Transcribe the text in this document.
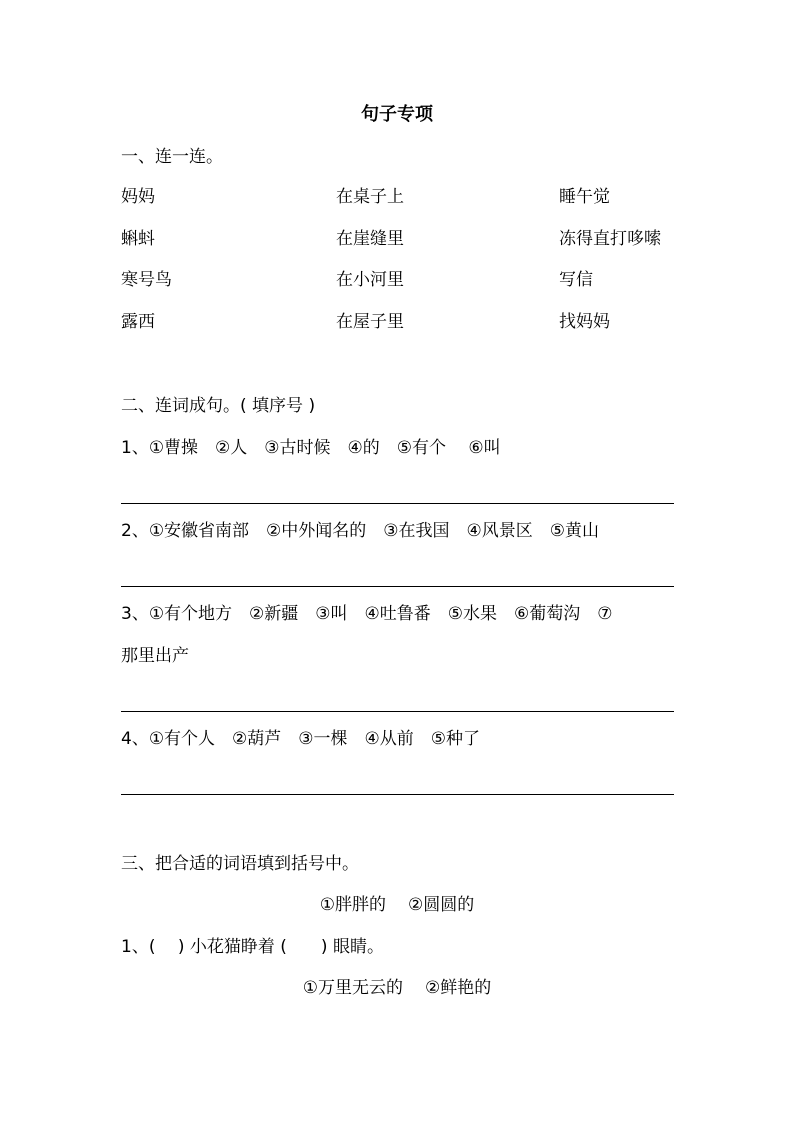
句子专项
一、连一连。
妈妈	在桌子上	睡午觉
蝌蚪	在崖缝里	冻得直打哆嗦
寒号鸟	在小河里	写信
露西	在屋子里	找妈妈
二、连词成句。( 填序号 )
1、①曹操　②人　③古时候　④的　⑤有个　 ⑥叫
2、①安徽省南部　②中外闻名的　③在我国　④风景区　⑤黄山
3、①有个地方　②新疆　③叫　④吐鲁番　⑤水果　⑥葡萄沟　⑦
那里出产
4、①有个人　②葫芦　③一棵　④从前　⑤种了
三、把合适的词语填到括号中。
①胖胖的 ②圆圆的
1、(　 ) 小花猫睁着 (　　) 眼睛。
①万里无云的 ②鲜艳的
